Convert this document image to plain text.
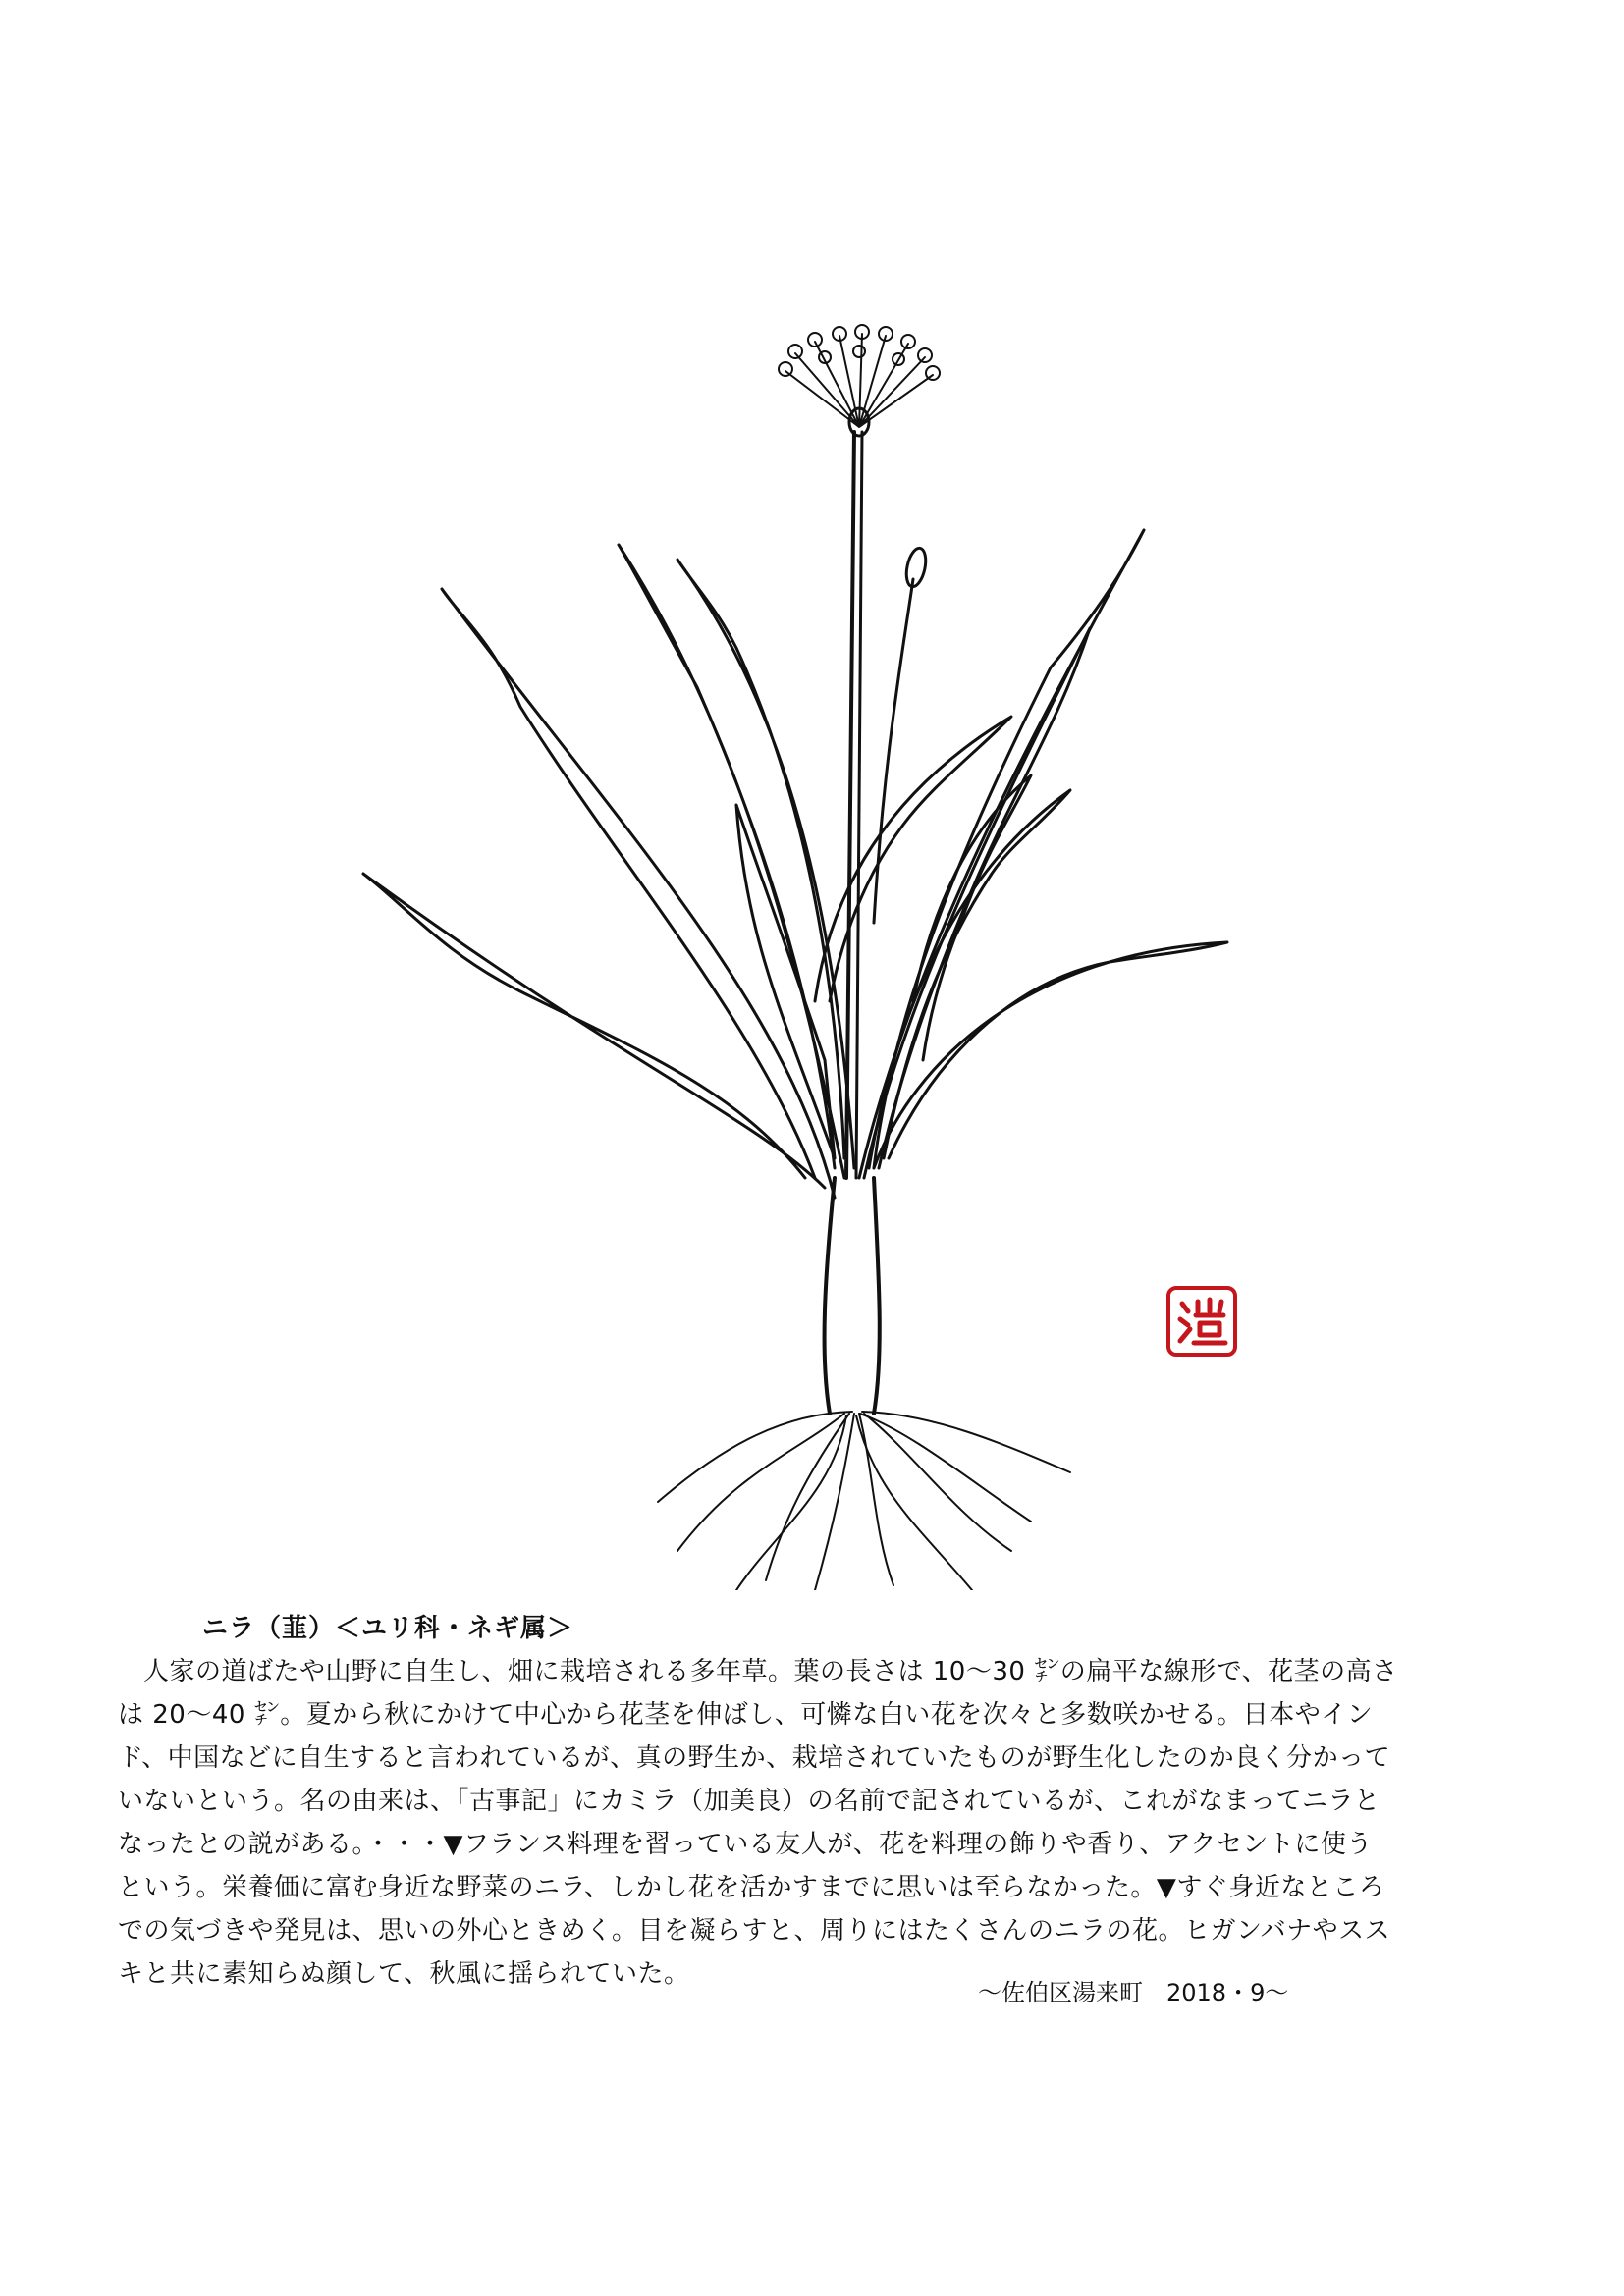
ニラ（韮）＜ユリ科・ネギ属＞
人家の道ばたや山野に自生し、畑に栽培される多年草。葉の長さは 10～30 ㌢の扁平な線形で、花茎の高さ
は 20～40 ㌢。夏から秋にかけて中心から花茎を伸ばし、可憐な白い花を次々と多数咲かせる。日本やイン
ド、中国などに自生すると言われているが、真の野生か、栽培されていたものが野生化したのか良く分かって
いないという。名の由来は、「古事記」にカミラ（加美良）の名前で記されているが、これがなまってニラと
なったとの説がある。・・・▼フランス料理を習っている友人が、花を料理の飾りや香り、アクセントに使う
という。栄養価に富む身近な野菜のニラ、しかし花を活かすまでに思いは至らなかった。▼すぐ身近なところ
での気づきや発見は、思いの外心ときめく。目を凝らすと、周りにはたくさんのニラの花。ヒガンバナやスス
キと共に素知らぬ顔して、秋風に揺られていた。
～佐伯区湯来町　2018・9～
